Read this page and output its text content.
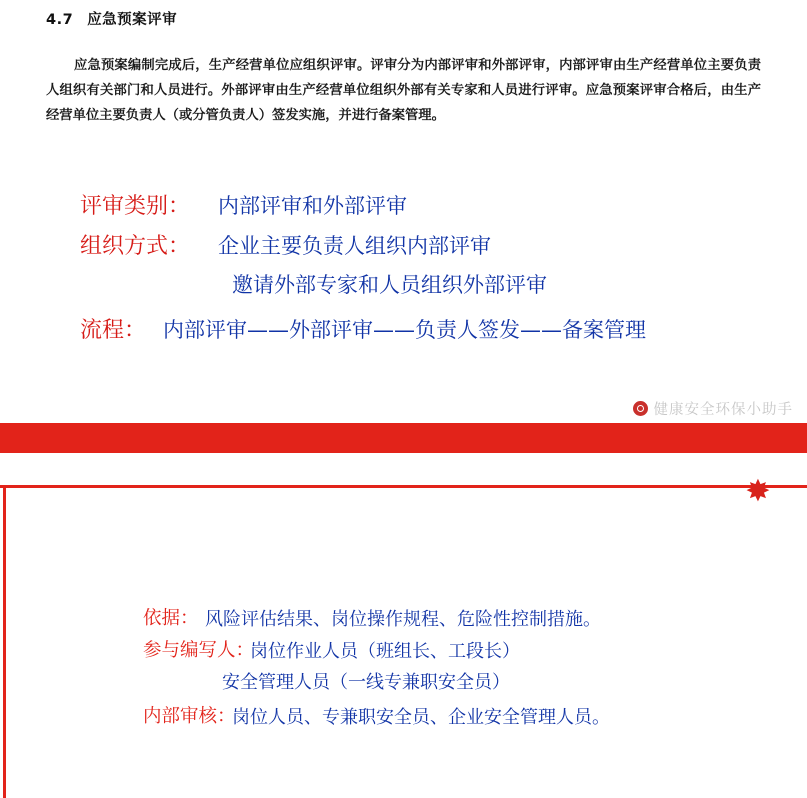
4.7 应急预案评审

应急预案编制完成后，生产经营单位应组织评审。评审分为内部评审和外部评审，内部评审由生产经营单位主要负责人组织有关部门和人员进行。外部评审由生产经营单位组织外部有关专家和人员进行评审。应急预案评审合格后，由生产经营单位主要负责人（或分管负责人）签发实施，并进行备案管理。

评审类别： 内部评审和外部评审
组织方式： 企业主要负责人组织内部评审
邀请外部专家和人员组织外部评审
流程： 内部评审——外部评审——负责人签发——备案管理
健康安全环保小助手
✸
依据： 风险评估结果、岗位操作规程、危险性控制措施。
参与编写人：
岗位作业人员（班组长、工段长）
安全管理人员（一线专兼职安全员）
内部审核：
岗位人员、专兼职安全员、企业安全管理人员。
